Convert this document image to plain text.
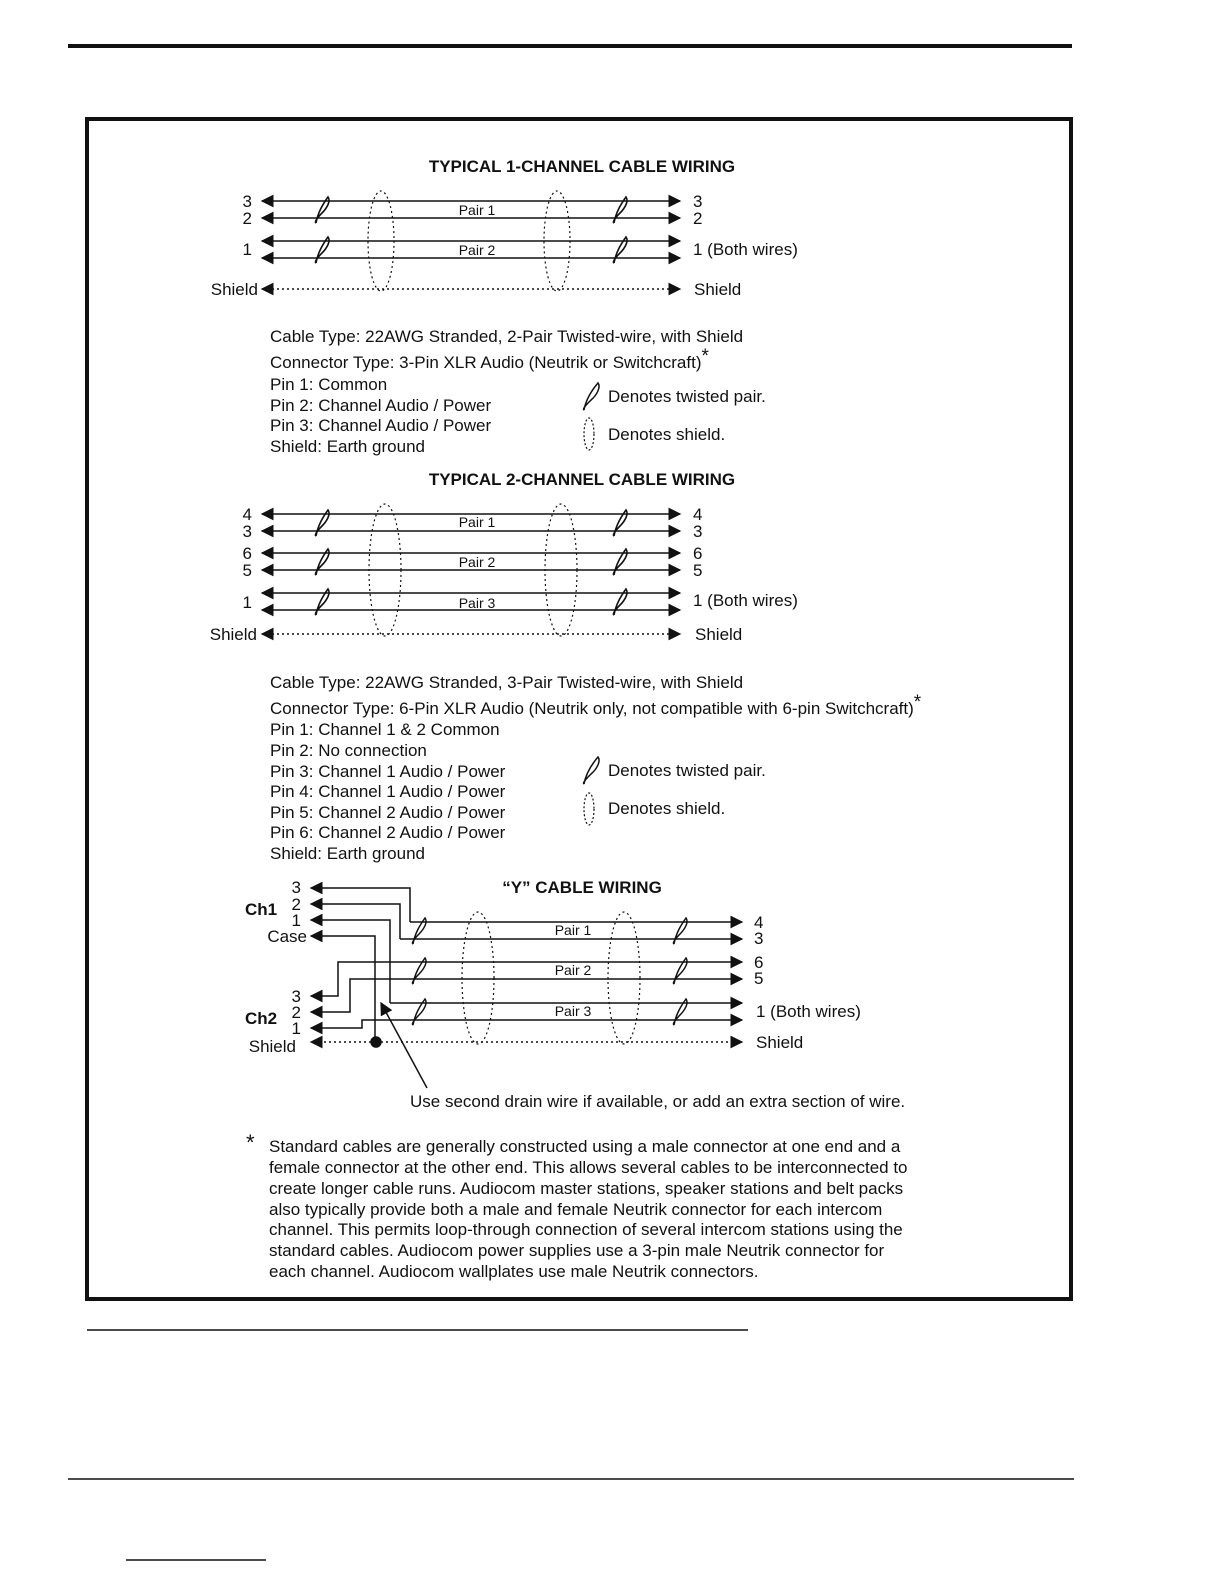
TYPICAL 1-CHANNEL CABLE WIRING
3
2
1
Shield
3
2
1 (Both wires)
Shield
Pair 1
Pair 2
Cable Type: 22AWG Stranded, 2-Pair Twisted-wire, with Shield
Connector Type: 3-Pin XLR Audio (Neutrik or Switchcraft)*
Pin 1: Common
Pin 2: Channel Audio / Power
Pin 3: Channel Audio / Power
Shield: Earth ground
Denotes twisted pair.
Denotes shield.
TYPICAL 2-CHANNEL CABLE WIRING
4
3
6
5
1
Shield
4
3
6
5
1 (Both wires)
Shield
Pair 1
Pair 2
Pair 3
Cable Type: 22AWG Stranded, 3-Pair Twisted-wire, with Shield
Connector Type: 6-Pin XLR Audio (Neutrik only, not compatible with 6-pin Switchcraft)*
Pin 1: Channel 1 & 2 Common
Pin 2: No connection
Pin 3: Channel 1 Audio / Power
Pin 4: Channel 1 Audio / Power
Pin 5: Channel 2 Audio / Power
Pin 6: Channel 2 Audio / Power
Shield: Earth ground
Denotes twisted pair.
Denotes shield.
“Y” CABLE WIRING
Ch1
Ch2
3
2
1
Case
3
2
1
Shield
4
3
6
5
1 (Both wires)
Shield
Pair 1
Pair 2
Pair 3
Use second drain wire if available, or add an extra section of wire.
* Standard cables are generally constructed using a male connector at one end and a
female connector at the other end. This allows several cables to be interconnected to
create longer cable runs. Audiocom master stations, speaker stations and belt packs
also typically provide both a male and female Neutrik connector for each intercom
channel. This permits loop-through connection of several intercom stations using the
standard cables. Audiocom power supplies use a 3-pin male Neutrik connector for
each channel. Audiocom wallplates use male Neutrik connectors.
